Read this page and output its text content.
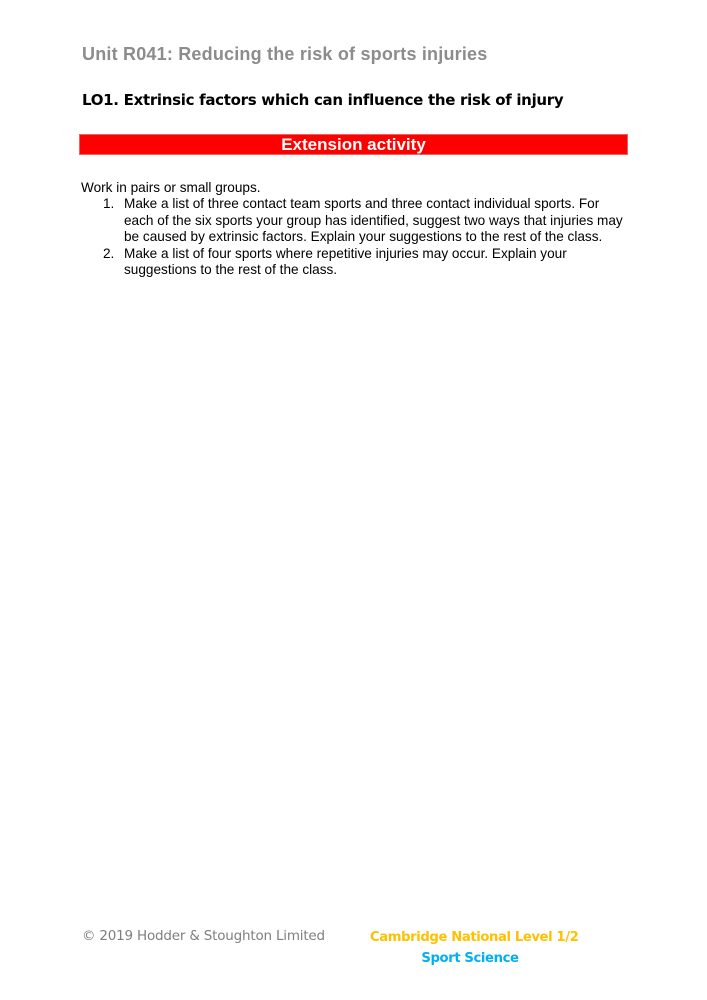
Unit R041: Reducing the risk of sports injuries
LO1. Extrinsic factors which can influence the risk of injury
Extension activity

Work in pairs or small groups.

1. Make a list of three contact team sports and three contact individual sports. For each of the six sports your group has identified, suggest two ways that injuries may be caused by extrinsic factors. Explain your suggestions to the rest of the class.
2. Make a list of four sports where repetitive injuries may occur. Explain your suggestions to the rest of the class.
© 2019 Hodder & Stoughton Limited	Cambridge National Level 1/2
Sport Science
